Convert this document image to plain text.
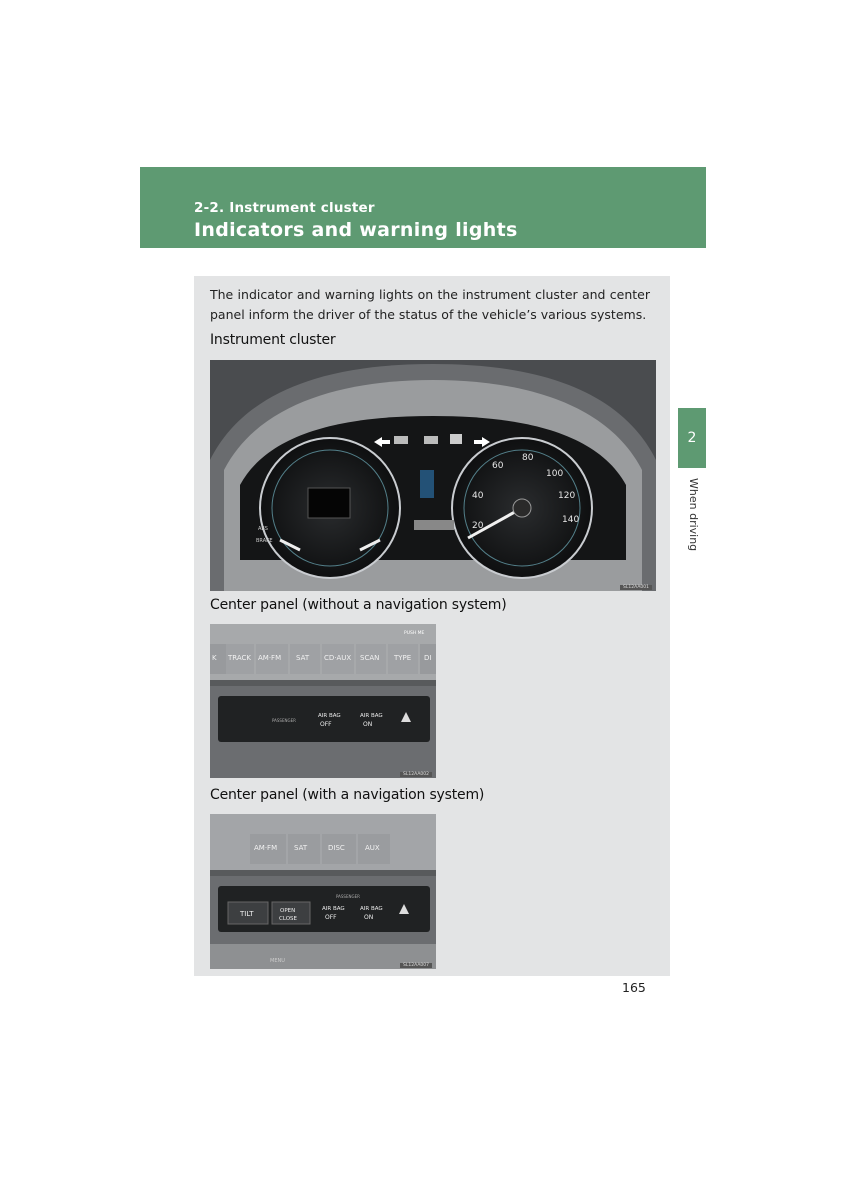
2-2. Instrument cluster
Indicators and warning lights
2
When driving
The indicator and warning lights on the instrument cluster and center panel inform the driver of the status of the vehicle’s various systems.
Instrument cluster
20
40
60
80
100
120
140
ABS
BRAKE
SL12AA001
Center panel (without a navigation system)
PUSH ME
K TRACK AM·FM SAT CD·AUX SCAN TYPE DI
PASSENGER
AIR BAG
OFF
AIR BAG
ON
SL12AA002
Center panel (with a navigation system)
AM·FM SAT	DISC	AUX
PASSENGER
TILT	OPEN
CLOSE
AIR BAG
OFF
AIR BAG
ON
MENU
SL12AA007
165
